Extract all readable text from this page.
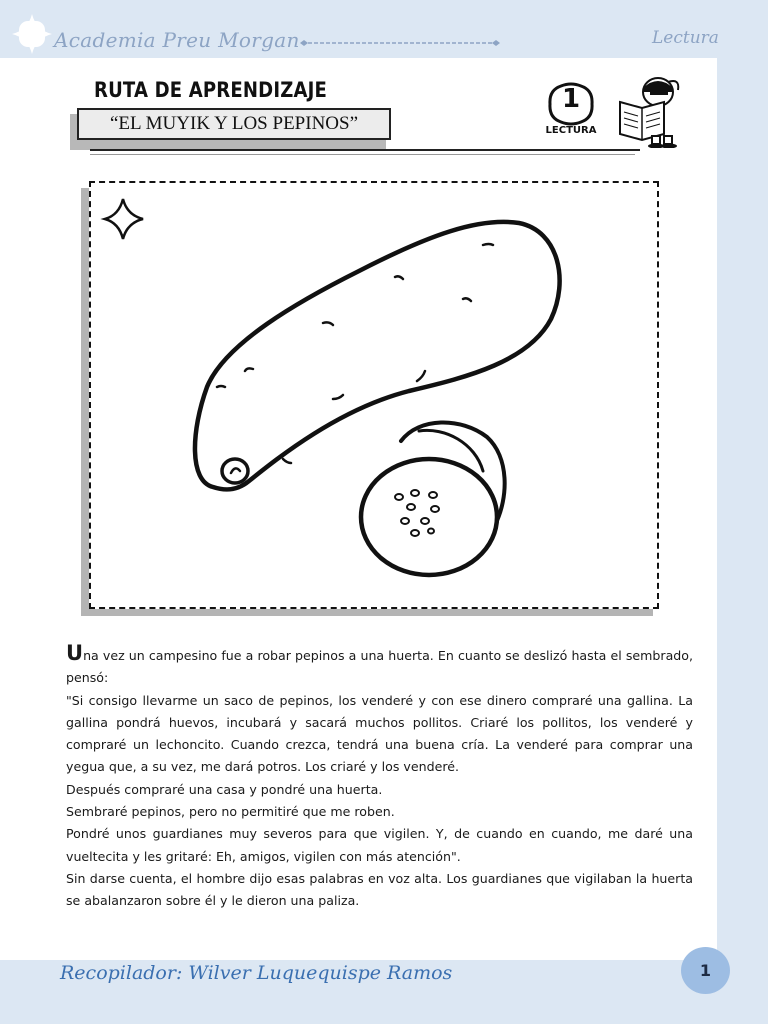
Academia Preu Morgan	Lectura
RUTA DE APRENDIZAJE
“EL MUYIK Y LOS PEPINOS”
1
LECTURA

Una vez un campesino fue a robar pepinos a una huerta. En cuanto se deslizó hasta el sembrado, pensó:

"Si consigo llevarme un saco de pepinos, los venderé y con ese dinero compraré una gallina. La gallina pondrá huevos, incubará y sacará muchos pollitos. Criaré los pollitos, los venderé y compraré un lechoncito. Cuando crezca, tendrá una buena cría. La venderé para comprar una yegua que, a su vez, me dará potros. Los criaré y los venderé.

Después compraré una casa y pondré una huerta.

Sembraré pepinos, pero no permitiré que me roben.

Pondré unos guardianes muy severos para que vigilen. Y, de cuando en cuando, me daré una vueltecita y les gritaré: Eh, amigos, vigilen con más atención".

Sin darse cuenta, el hombre dijo esas palabras en voz alta. Los guardianes que vigilaban la huerta se abalanzaron sobre él y le dieron una paliza.

Recopilador: Wilver Luquequispe Ramos	1
